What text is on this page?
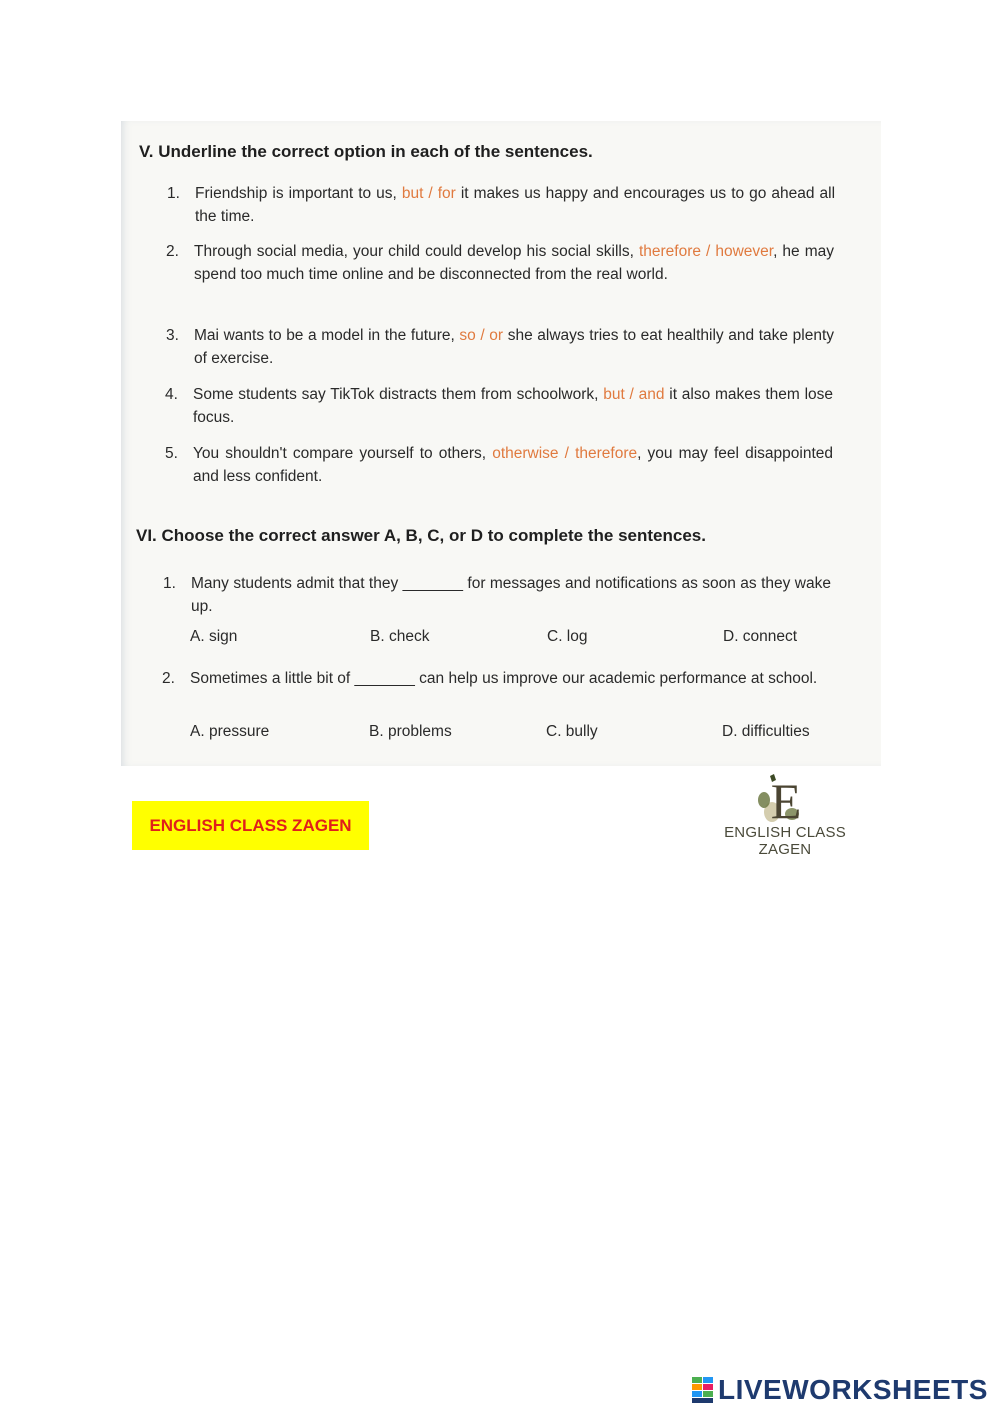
V. Underline the correct option in each of the sentences.
1. Friendship is important to us, but / for it makes us happy and encourages us to go ahead all the time.

2. Through social media, your child could develop his social skills, therefore / however, he may spend too much time online and be disconnected from the real world.

3. Mai wants to be a model in the future, so / or she always tries to eat healthily and take plenty of exercise.

4. Some students say TikTok distracts them from schoolwork, but / and it also makes them lose focus.

5. You shouldn't compare yourself to others, otherwise / therefore, you may feel disappointed and less confident.

VI. Choose the correct answer A, B, C, or D to complete the sentences.
1. Many students admit that they _______ for messages and notifications as soon as they wake up.

A. sign	B. check	C. log	D. connect
2. Sometimes a little bit of _______ can help us improve our academic performance at school.

A. pressure	B. problems	C. bully	D. difficulties
ENGLISH CLASS ZAGEN	E
ENGLISH CLASS ZAGEN
LIVEWORKSHEETS
